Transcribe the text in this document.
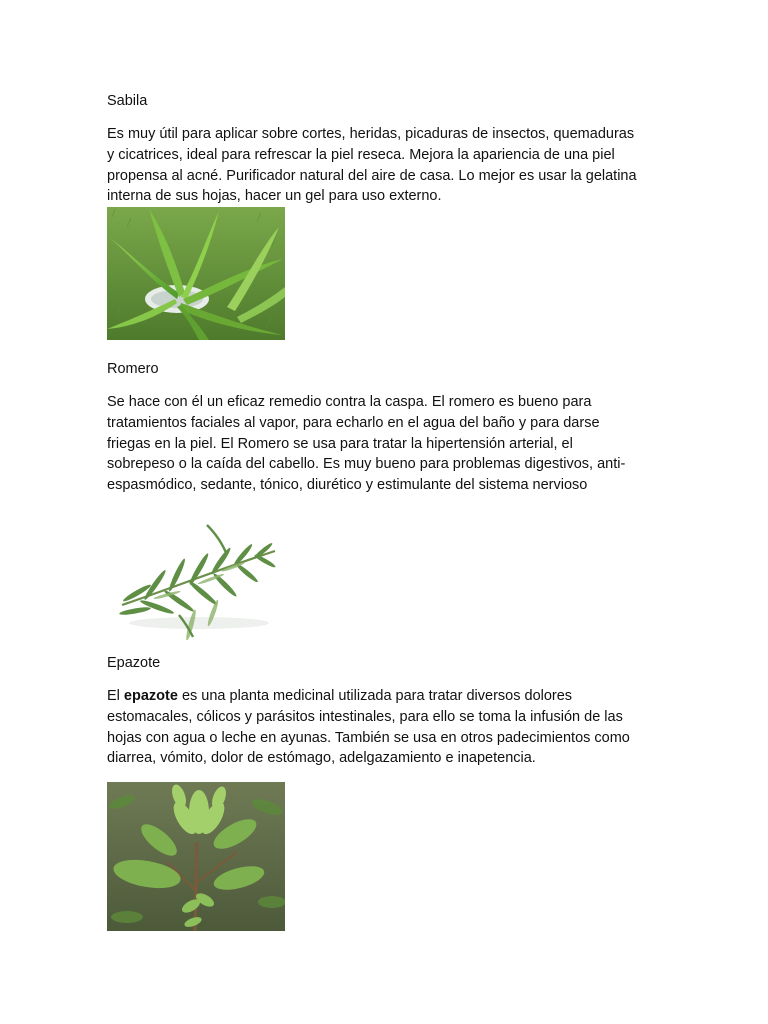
Sabila
Es muy útil para aplicar sobre cortes, heridas, picaduras de insectos, quemaduras
y cicatrices, ideal para refrescar la piel reseca. Mejora la apariencia de una piel
propensa al acné. Purificador natural del aire de casa. Lo mejor es usar la gelatina
interna de sus hojas, hacer un gel para uso externo.
Romero
Se hace con él un eficaz remedio contra la caspa. El romero es bueno para
tratamientos faciales al vapor, para echarlo en el agua del baño y para darse
friegas en la piel. El Romero se usa para tratar la hipertensión arterial, el
sobrepeso o la caída del cabello. Es muy bueno para problemas digestivos, anti-
espasmódico, sedante, tónico, diurético y estimulante del sistema nervioso
Epazote
El epazote es una planta medicinal utilizada para tratar diversos dolores
estomacales, cólicos y parásitos intestinales, para ello se toma la infusión de las
hojas con agua o leche en ayunas. También se usa en otros padecimientos como
diarrea, vómito, dolor de estómago, adelgazamiento e inapetencia.
